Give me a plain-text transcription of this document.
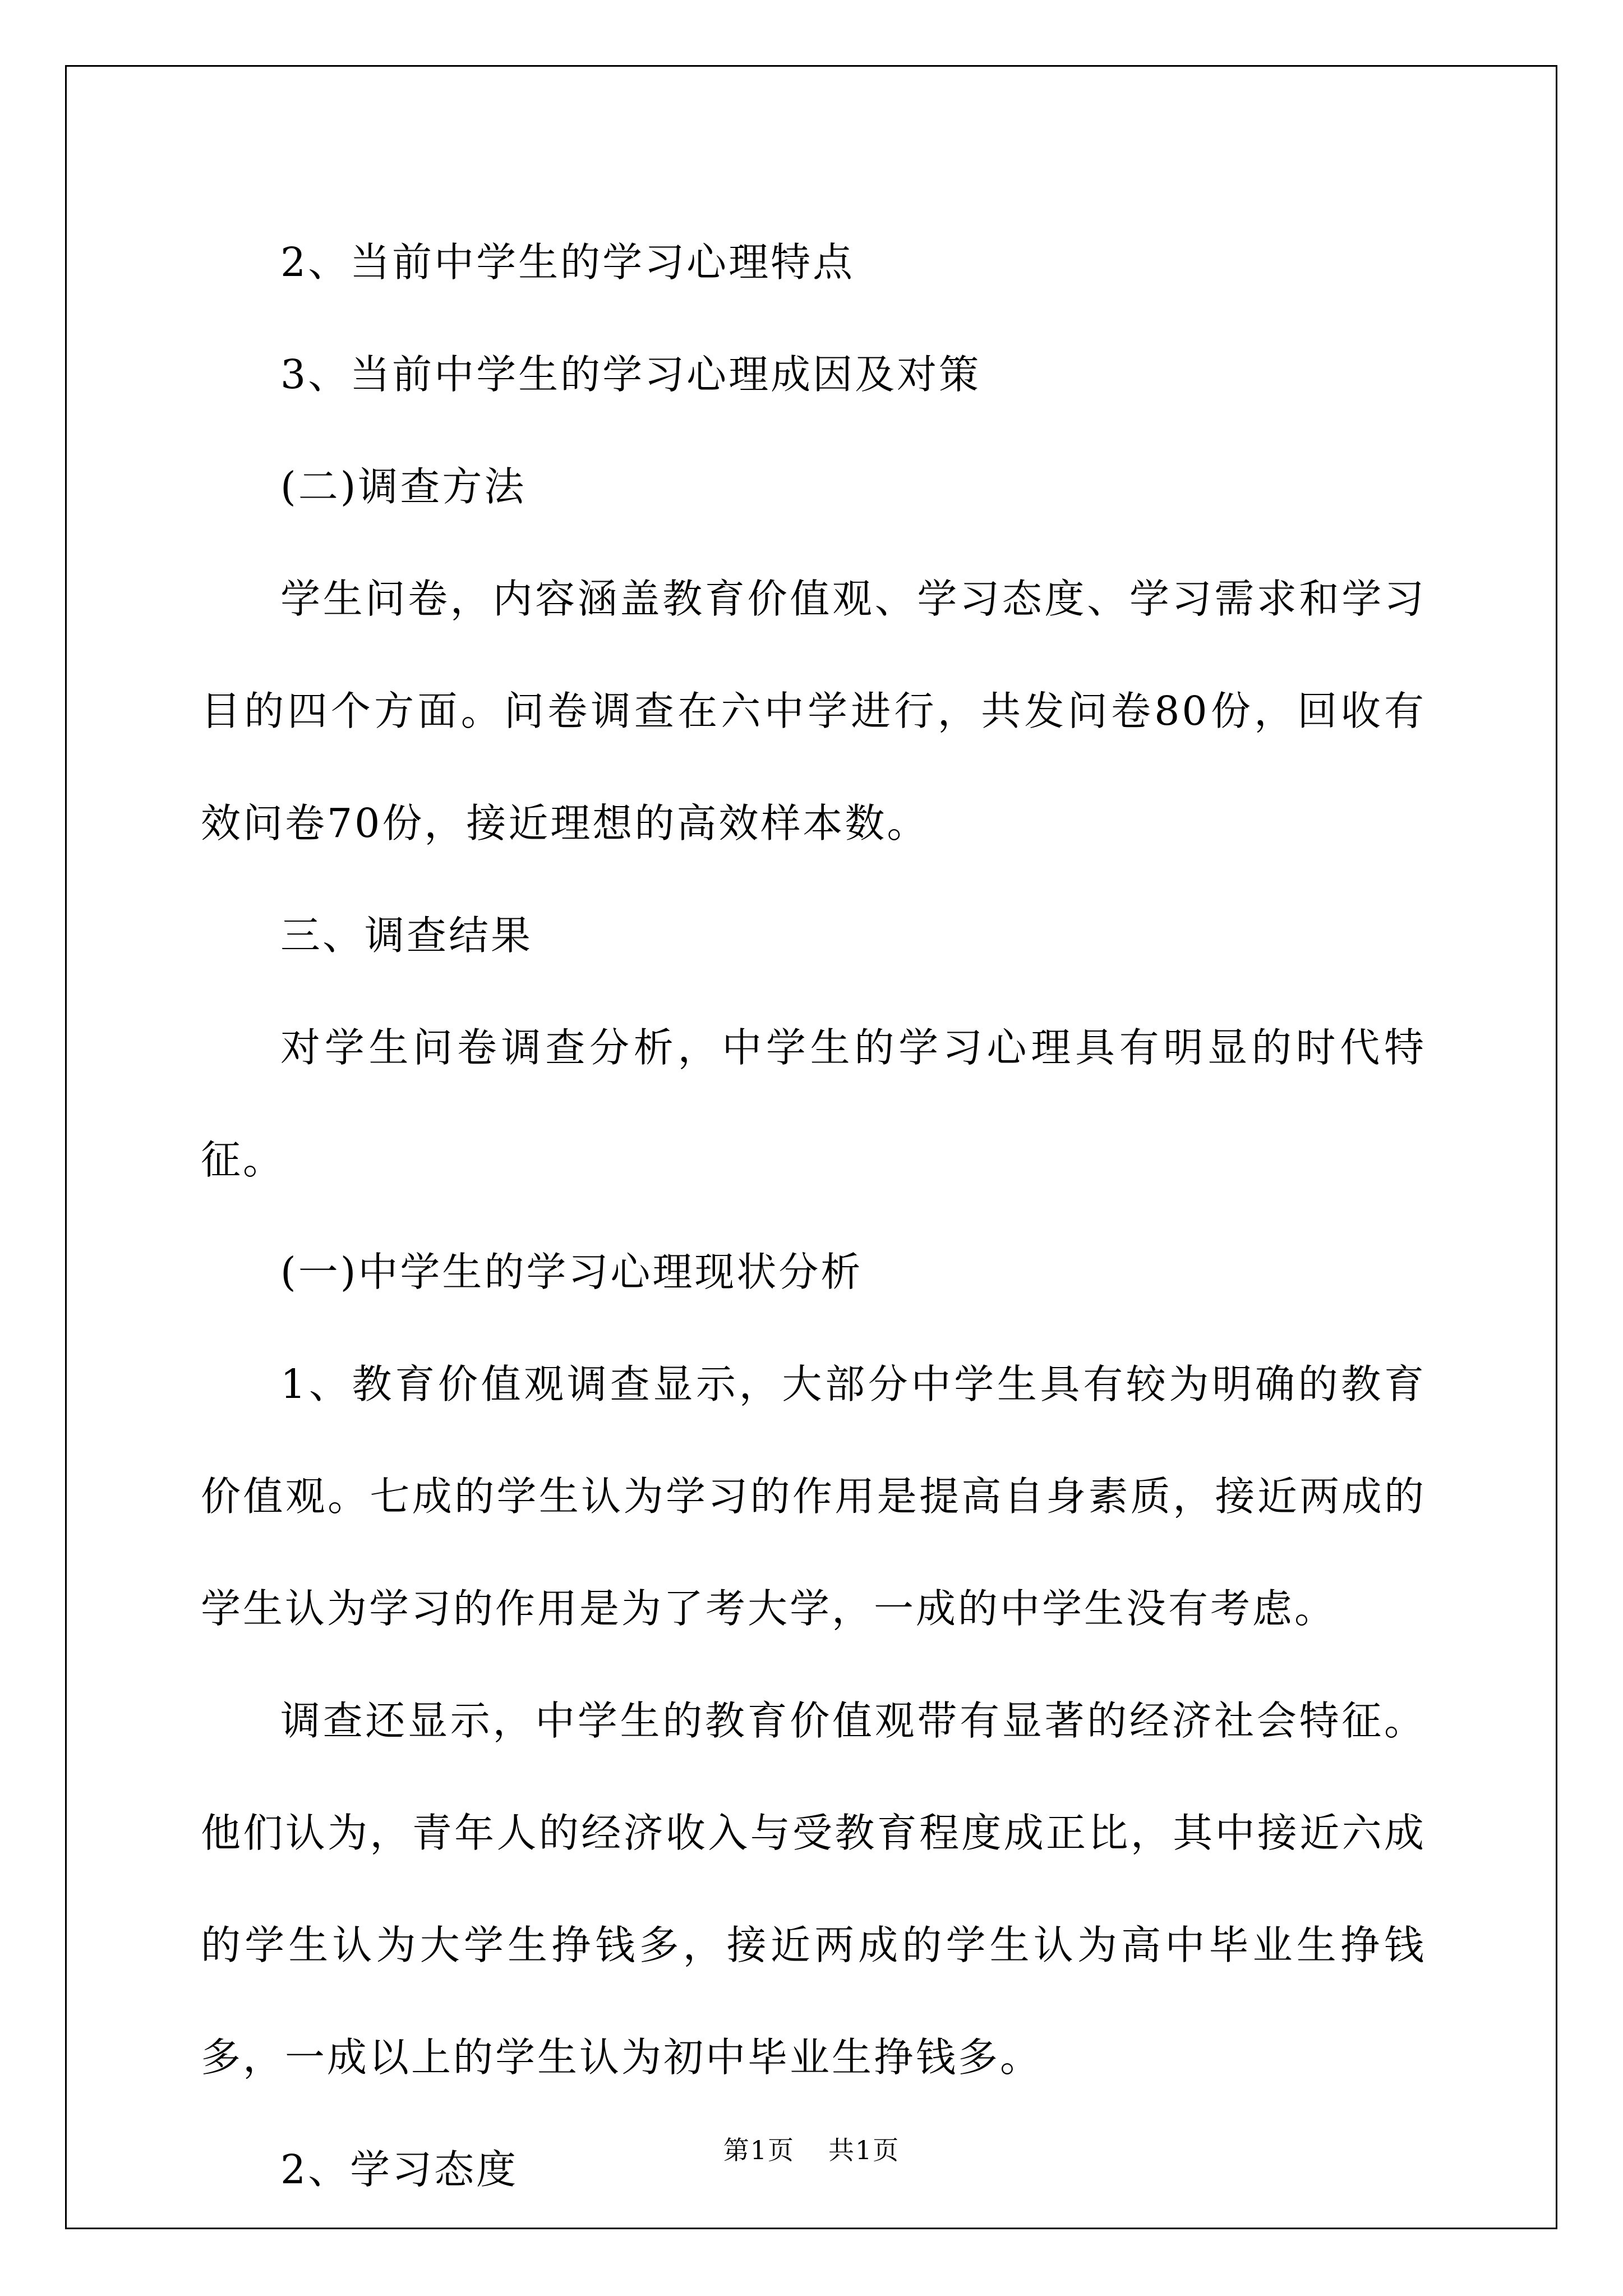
2、当前中学生的学习心理特点

3、当前中学生的学习心理成因及对策

(二)调查方法

学生问卷，内容涵盖教育价值观、学习态度、学习需求和学习目的四个方面。问卷调查在六中学进行，共发问卷80份，回收有效问卷70份，接近理想的高效样本数。

三、调查结果

对学生问卷调查分析，中学生的学习心理具有明显的时代特征。

(一)中学生的学习心理现状分析

1、教育价值观调查显示，大部分中学生具有较为明确的教育价值观。七成的学生认为学习的作用是提高自身素质，接近两成的学生认为学习的作用是为了考大学，一成的中学生没有考虑。

调查还显示，中学生的教育价值观带有显著的经济社会特征。他们认为，青年人的经济收入与受教育程度成正比，其中接近六成的学生认为大学生挣钱多，接近两成的学生认为高中毕业生挣钱多，一成以上的学生认为初中毕业生挣钱多。

2、学习态度	第1页 共1页
